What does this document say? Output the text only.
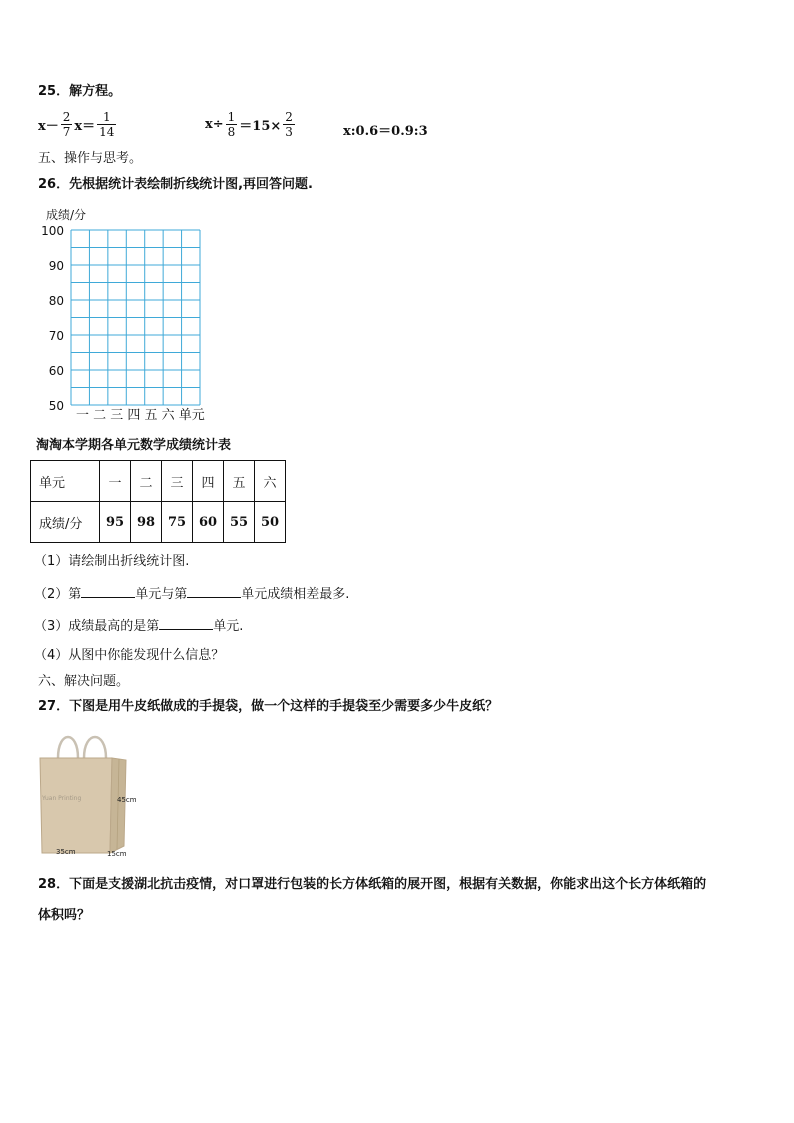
25．解方程。
$x- \frac{2}{7} x= \frac{1}{14}$	$x\div \frac{1}{8} =15\times \frac{2}{3}$	x:0.6＝0.9:3
五、操作与思考。
26．先根据统计表绘制折线统计图,再回答问题.
成绩/分
100
90
80
70
60
50
一 二 三 四 五 六 单元
淘淘本学期各单元数学成绩统计表
单元	一	二	三	四	五	六
成绩/分	95	98	75	60	55	50
（1）请绘制出折线统计图.
（2）第	单元与第	单元成绩相差最多.
（3）成绩最高的是第	单元.
（4）从图中你能发现什么信息？
六、解决问题。
27．下图是用牛皮纸做成的手提袋，做一个这样的手提袋至少需要多少牛皮纸？
Yuan Printing	45cm
35cm	15cm
28．下面是支援湖北抗击疫情，对口罩进行包装的长方体纸箱的展开图，根据有关数据，你能求出这个长方体纸箱的
体积吗？
